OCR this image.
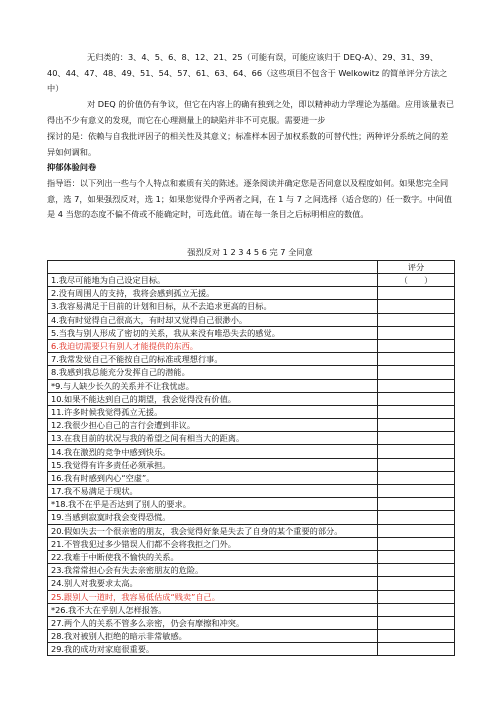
无归类的：3、4、5、6、8、12、21、25（可能有误，可能应该归于 DEQ-A）、29、31、39、40、44、47、48、49、51、54、57、61、63、64、66（这些项目不包含于 Welkowitz 的简单评分方法之中）
对 DEQ 的价值仍有争议，但它在内容上的确有独到之处，即以精神动力学理论为基础。应用该量表已得出不少有意义的发现，而它在心理测量上的缺陷并非不可克服。需要进一步
探讨的是：依赖与自我批评因子的相关性及其意义；标准样本因子加权系数的可替代性；两种评分系统之间的差异如何调和。
抑郁体验问卷
指导语：以下列出一些与个人特点和素质有关的陈述。逐条阅读并确定您是否同意以及程度如何。如果您完全同意，选 7，如果强烈反对，选 1；如果您觉得介乎两者之间，在 1 与 7 之间选择（适合您的）任一数字。中间值是 4 当您的态度不偏不倚或不能确定时，可选此值。请在每一条目之后标明相应的数值。
强烈反对 1 2 3 4 5 6 完 7 全同意
	评分
1.我尽可能地为自己设定目标。	（　　）
2.没有周围人的支持，我将会感到孤立无援。	
3.我容易满足于目前的计划和目标，从不去追求更高的目标。	
4.我有时觉得自己很高大，有时却又觉得自己很渺小。	
5.当我与别人形成了密切的关系，我从来没有唯恐失去的感觉。	
6.我迫切需要只有别人才能提供的东西。	
7.我常发觉自己不能按自己的标准或理想行事。	
8.我感到我总能充分发挥自己的潜能。	
*9.与人缺少长久的关系并不让我忧虑。	
10.如果不能达到自己的期望，我会觉得没有价值。	
11.许多时候我觉得孤立无援。	
12.我很少担心自己的言行会遭到非议。	
13.在我目前的状况与我的希望之间有相当大的距离。	
14.我在激烈的竞争中感到快乐。	
15.我觉得有许多责任必须承担。	
16.我有时感到内心“空虚”。	
17.我不易满足于现状。	
*18.我不在乎是否达到了别人的要求。	
19.当感到寂寞时我会变得恐慌。	
20.假如失去一个很亲密的朋友，我会觉得好象是失去了自身的某个重要的部分。	
21.不管我犯过多少错误人们都不会将我拒之门外。	
22.我难于中断使我不愉快的关系。	
23.我常常担心会有失去亲密朋友的危险。	
24.别人对我要求太高。	
25.跟别人一道时，我容易低估成“贱卖”自己。	
*26.我不大在乎别人怎样报答。	
27.两个人的关系不管多么亲密，仍会有摩擦和冲突。	
28.我对被别人拒绝的暗示非常敏感。	
29.我的成功对家庭很重要。	
